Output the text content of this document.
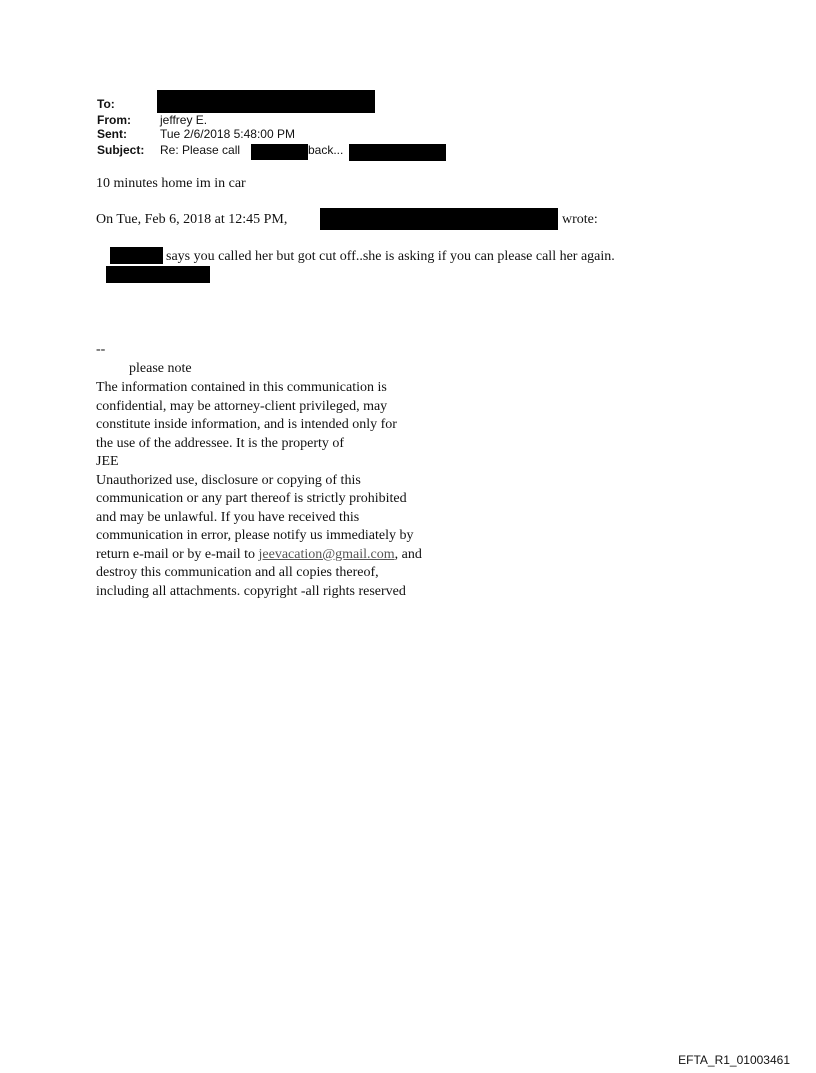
To:
From: jeffrey E.
Sent:	Tue 2/6/2018 5:48:00 PM
Subject: Re: Please call	back...
10 minutes home im in car
On Tue, Feb 6, 2018 at 12:45 PM,	wrote:
says you called her but got cut off..she is asking if you can please call her again.
--
please note
The information contained in this communication is
confidential, may be attorney-client privileged, may
constitute inside information, and is intended only for
the use of the addressee. It is the property of
JEE
Unauthorized use, disclosure or copying of this
communication or any part thereof is strictly prohibited
and may be unlawful. If you have received this
communication in error, please notify us immediately by
return e-mail or by e-mail to jeevacation@gmail.com, and
destroy this communication and all copies thereof,
including all attachments. copyright -all rights reserved
EFTA_R1_01003461
